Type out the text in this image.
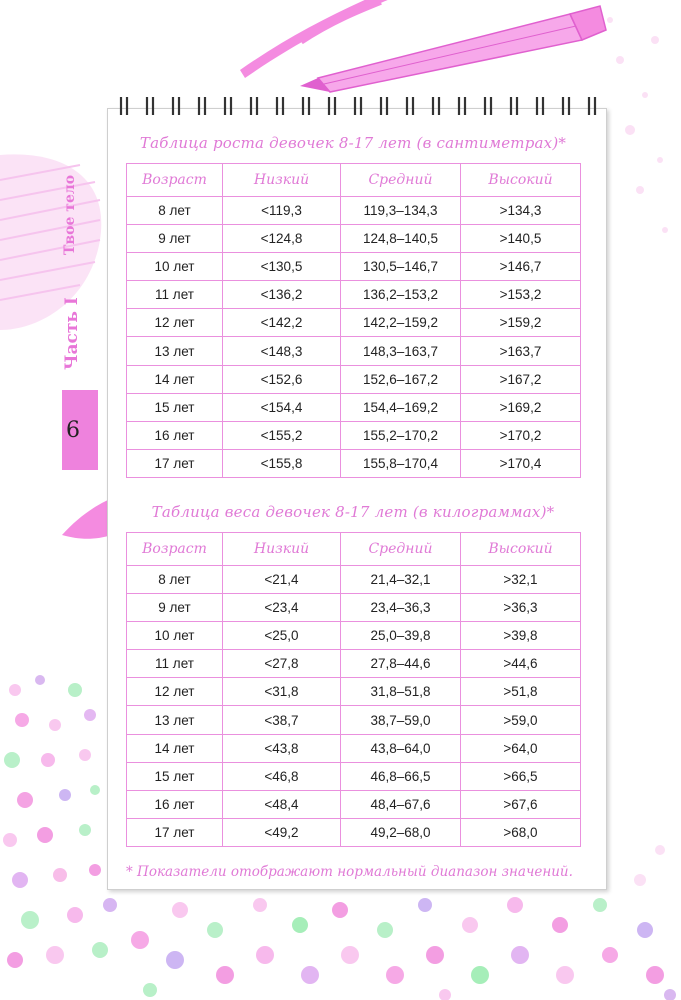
Часть I
Твое тело
6
Таблица роста девочек 8-17 лет (в сантиметрах)*
Возраст	Низкий	Средний	Высокий
8 лет	<119,3	119,3–134,3	>134,3
9 лет	<124,8	124,8–140,5	>140,5
10 лет	<130,5	130,5–146,7	>146,7
11 лет	<136,2	136,2–153,2	>153,2
12 лет	<142,2	142,2–159,2	>159,2
13 лет	<148,3	148,3–163,7	>163,7
14 лет	<152,6	152,6–167,2	>167,2
15 лет	<154,4	154,4–169,2	>169,2
16 лет	<155,2	155,2–170,2	>170,2
17 лет	<155,8	155,8–170,4	>170,4
Таблица веса девочек 8-17 лет (в килограммах)*
Возраст	Низкий	Средний	Высокий
8 лет	<21,4	21,4–32,1	>32,1
9 лет	<23,4	23,4–36,3	>36,3
10 лет	<25,0	25,0–39,8	>39,8
11 лет	<27,8	27,8–44,6	>44,6
12 лет	<31,8	31,8–51,8	>51,8
13 лет	<38,7	38,7–59,0	>59,0
14 лет	<43,8	43,8–64,0	>64,0
15 лет	<46,8	46,8–66,5	>66,5
16 лет	<48,4	48,4–67,6	>67,6
17 лет	<49,2	49,2–68,0	>68,0
* Показатели отображают нормальный диапазон значений.
